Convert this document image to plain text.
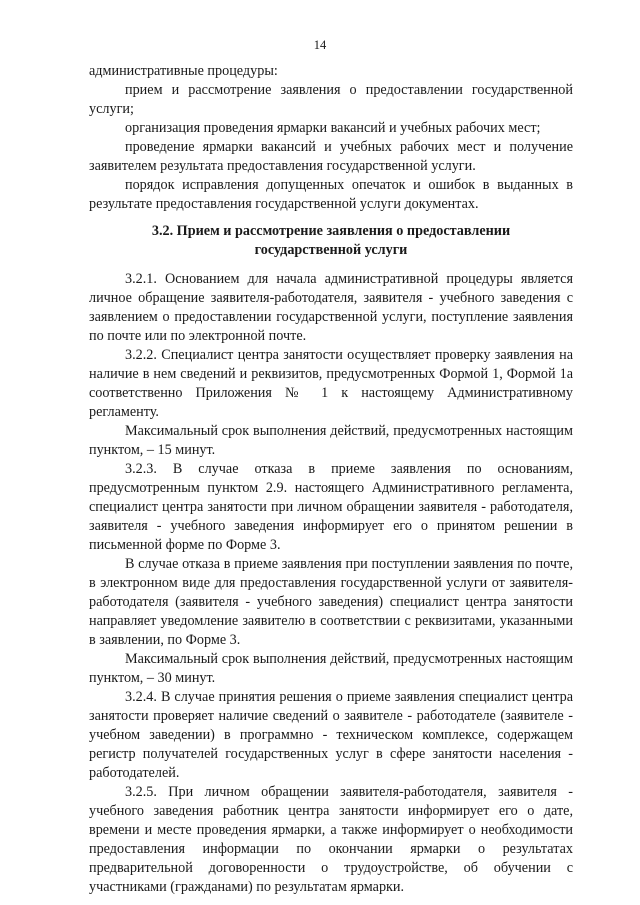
14

административные процедуры:

прием и рассмотрение заявления о предоставлении государственной услуги;

организация проведения ярмарки вакансий и учебных рабочих мест;

проведение ярмарки вакансий и учебных рабочих мест и получение заявителем результата предоставления государственной услуги.

порядок исправления допущенных опечаток и ошибок в выданных в результате предоставления государственной услуги документах.

3.2. Прием и рассмотрение заявления о предоставлении
государственной услуги

3.2.1. Основанием для начала административной процедуры является личное обращение заявителя-работодателя, заявителя - учебного заведения с заявлением о предоставлении государственной услуги, поступление заявления по почте или по электронной почте.

3.2.2. Специалист центра занятости осуществляет проверку заявления на наличие в нем сведений и реквизитов, предусмотренных Формой 1, Формой 1а соответственно Приложения № 1 к настоящему Административному регламенту.

Максимальный срок выполнения действий, предусмотренных настоящим пунктом, – 15 минут.

3.2.3. В случае отказа в приеме заявления по основаниям, предусмотренным пунктом 2.9. настоящего Административного регламента, специалист центра занятости при личном обращении заявителя - работодателя, заявителя - учебного заведения информирует его о принятом решении в письменной форме по Форме 3.

В случае отказа в приеме заявления при поступлении заявления по почте, в электронном виде для предоставления государственной услуги от заявителя-работодателя (заявителя - учебного заведения) специалист центра занятости направляет уведомление заявителю в соответствии с реквизитами, указанными в заявлении, по Форме 3.

Максимальный срок выполнения действий, предусмотренных настоящим пунктом, – 30 минут.

3.2.4. В случае принятия решения о приеме заявления специалист центра занятости проверяет наличие сведений о заявителе - работодателе (заявителе - учебном заведении) в программно - техническом комплексе, содержащем регистр получателей государственных услуг в сфере занятости населения - работодателей.

3.2.5. При личном обращении заявителя-работодателя, заявителя - учебного заведения работник центра занятости информирует его о дате, времени и месте проведения ярмарки, а также информирует о необходимости предоставления информации по окончании ярмарки о результатах предварительной договоренности о трудоустройстве, об обучении с участниками (гражданами) по результатам ярмарки.
